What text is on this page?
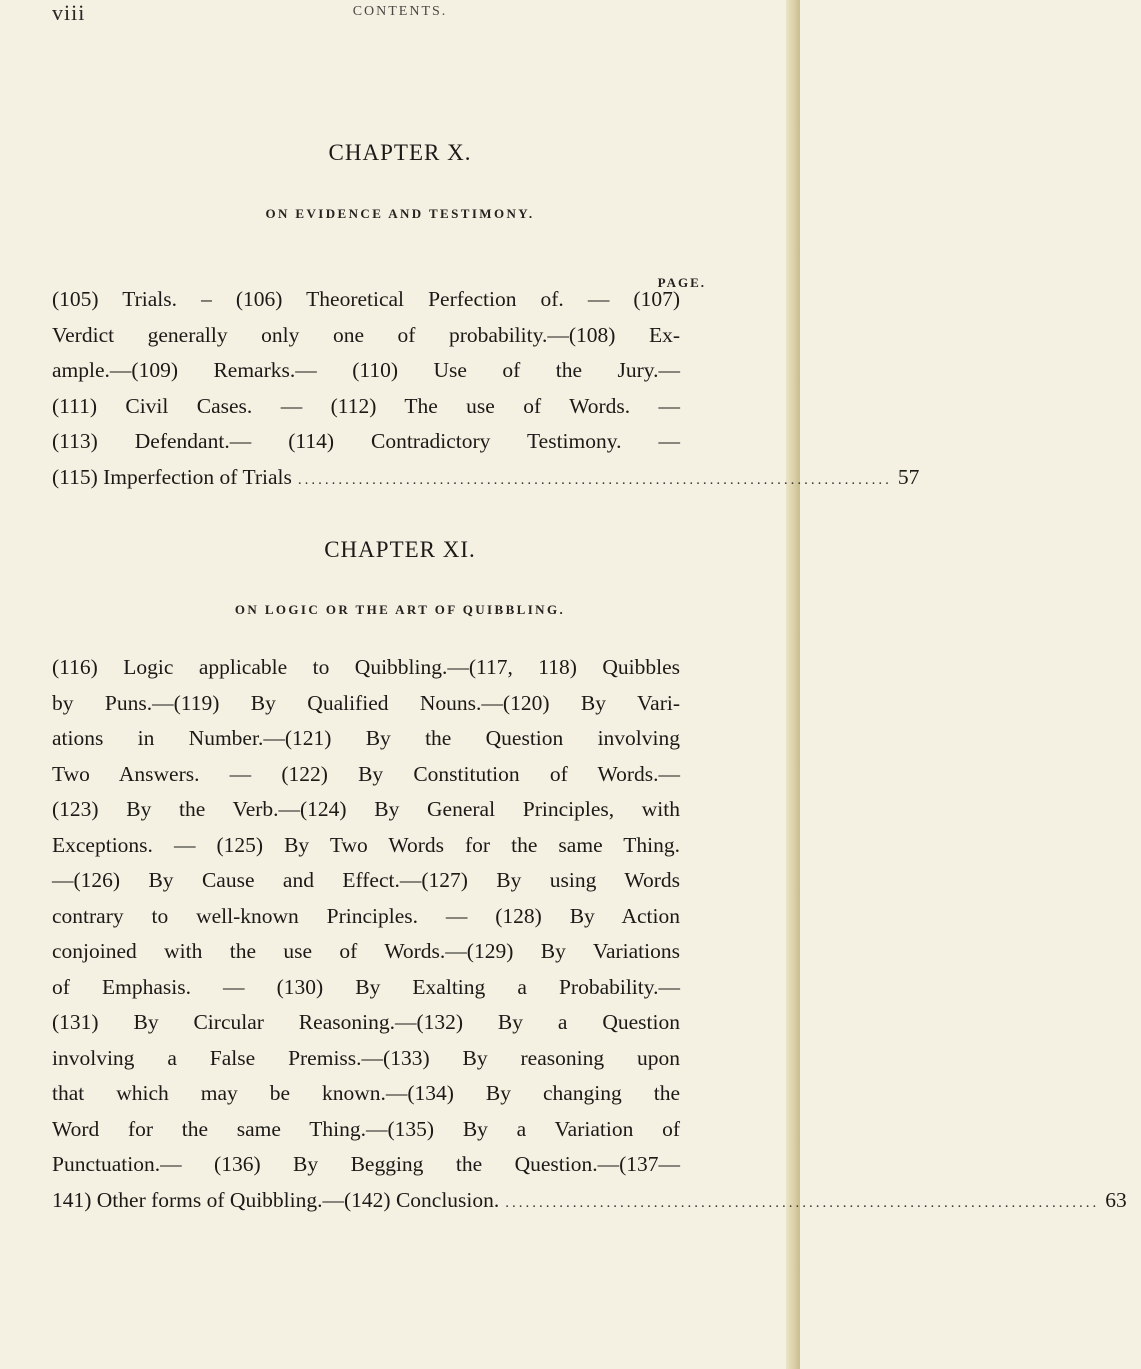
viii	CONTENTS.
CHAPTER X.
ON EVIDENCE AND TESTIMONY.
PAGE.
(105) Trials. – (106) Theoretical Perfection of. — (107)
Verdict generally only one of probability.—(108) Ex-
ample.—(109) Remarks.— (110) Use of the Jury.—
(111) Civil Cases. — (112) The use of Words. —
(113) Defendant.— (114) Contradictory Testimony. —
(115) Imperfection of Trials ........................................................................................ 57
CHAPTER XI.
ON LOGIC OR THE ART OF QUIBBLING.
(116) Logic applicable to Quibbling.—(117, 118) Quibbles
by Puns.—(119) By Qualified Nouns.—(120) By Vari-
ations in Number.—(121) By the Question involving
Two Answers. — (122) By Constitution of Words.—
(123) By the Verb.—(124) By General Principles, with
Exceptions. — (125) By Two Words for the same Thing.
—(126) By Cause and Effect.—(127) By using Words
contrary to well-known Principles. — (128) By Action
conjoined with the use of Words.—(129) By Variations
of Emphasis. — (130) By Exalting a Probability.—
(131) By Circular Reasoning.—(132) By a Question
involving a False Premiss.—(133) By reasoning upon
that which may be known.—(134) By changing the
Word for the same Thing.—(135) By a Variation of
Punctuation.— (136) By Begging the Question.—(137—
141) Other forms of Quibbling.—(142) Conclusion. ........................................................................................ 63
